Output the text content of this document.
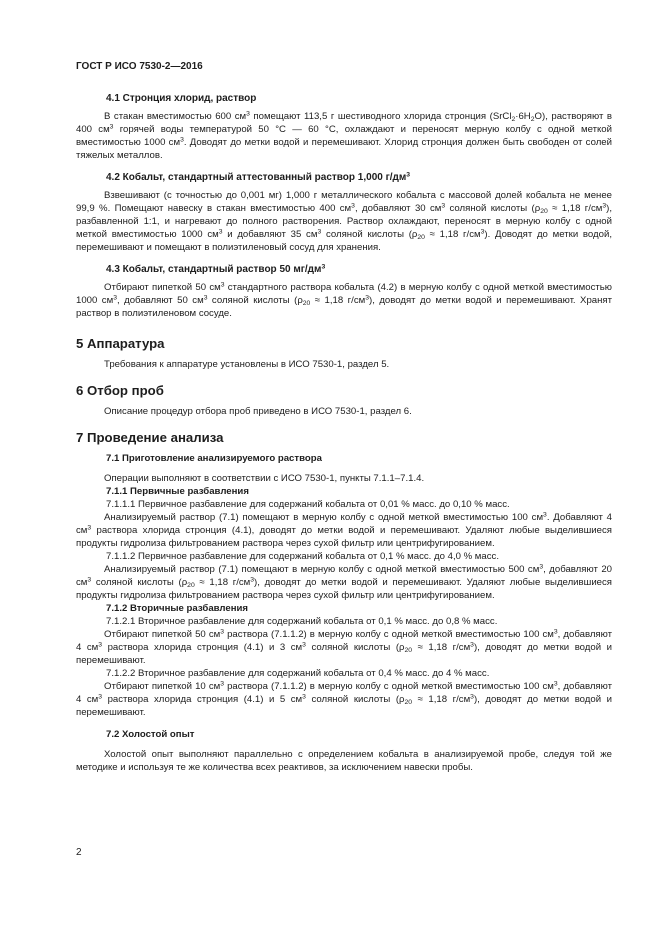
ГОСТ Р ИСО 7530-2—2016
4.1 Стронция хлорид, раствор

В стакан вместимостью 600 $см^3$ помещают 113,5 г шестиводного хлорида стронция $(SrCl_2\cdot 6H_2O)$, растворяют в 400 $см^3$ горячей воды температурой 50 °С — 60 °С, охлаждают и переносят мерную колбу с одной меткой вместимостью 1000 $см^3$. Доводят до метки водой и перемешивают. Хлорид стронция должен быть свободен от солей тяжелых металлов.

4.2 Кобальт, стандартный аттестованный раствор 1,000 $г/дм^3$

Взвешивают (с точностью до 0,001 мг) 1,000 г металлического кобальта с массовой долей кобальта не менее 99,9 %. Помещают навеску в стакан вместимостью 400 $см^3$, добавляют 30 $см^3$ соляной кислоты ($\rho_{20} \approx 1,18$ $г/см^3$), разбавленной 1:1, и нагревают до полного растворения. Раствор охлаждают, переносят в мерную колбу с одной меткой вместимостью 1000 $см^3$ и добавляют 35 $см^3$ соляной кислоты ($\rho_{20} \approx 1,18$ $г/см^3$). Доводят до метки водой, перемешивают и помещают в полиэтиленовый сосуд для хранения.

4.3 Кобальт, стандартный раствор 50 $мг/дм^3$

Отбирают пипеткой 50 $см^3$ стандартного раствора кобальта (4.2) в мерную колбу с одной меткой вместимостью 1000 $см^3$, добавляют 50 $см^3$ соляной кислоты ($\rho_{20} \approx 1,18$ $г/см^3$), доводят до метки водой и перемешивают. Хранят раствор в полиэтиленовом сосуде.

5 Аппаратура

Требования к аппаратуре установлены в ИСО 7530-1, раздел 5.

6 Отбор проб

Описание процедур отбора проб приведено в ИСО 7530-1, раздел 6.

7 Проведение анализа
7.1 Приготовление анализируемого раствора

Операции выполняют в соответствии с ИСО 7530-1, пункты 7.1.1–7.1.4.

7.1.1 Первичные разбавления

7.1.1.1 Первичное разбавление для содержаний кобальта от 0,01 % масс. до 0,10 % масс.

Анализируемый раствор (7.1) помещают в мерную колбу с одной меткой вместимостью 100 $см^3$. Добавляют 4 $см^3$ раствора хлорида стронция (4.1), доводят до метки водой и перемешивают. Удаляют любые выделившиеся продукты гидролиза фильтрованием раствора через сухой фильтр или центрифугированием.

7.1.1.2 Первичное разбавление для содержаний кобальта от 0,1 % масс. до 4,0 % масс.

Анализируемый раствор (7.1) помещают в мерную колбу с одной меткой вместимостью 500 $см^3$, добавляют 20 $см^3$ соляной кислоты ($\rho_{20} \approx 1,18$ $г/см^3$), доводят до метки водой и перемешивают. Удаляют любые выделившиеся продукты гидролиза фильтрованием раствора через сухой фильтр или центрифугированием.

7.1.2 Вторичные разбавления

7.1.2.1 Вторичное разбавление для содержаний кобальта от 0,1 % масс. до 0,8 % масс.

Отбирают пипеткой 50 $см^3$ раствора (7.1.1.2) в мерную колбу с одной меткой вместимостью 100 $см^3$, добавляют 4 $см^3$ раствора хлорида стронция (4.1) и 3 $см^3$ соляной кислоты ($\rho_{20} \approx 1,18$ $г/см^3$), доводят до метки водой и перемешивают.

7.1.2.2 Вторичное разбавление для содержаний кобальта от 0,4 % масс. до 4 % масс.

Отбирают пипеткой 10 $см^3$ раствора (7.1.1.2) в мерную колбу с одной меткой вместимостью 100 $см^3$, добавляют 4 $см^3$ раствора хлорида стронция (4.1) и 5 $см^3$ соляной кислоты ($\rho_{20} \approx 1,18$ $г/см^3$), доводят до метки водой и перемешивают.

7.2 Холостой опыт

Холостой опыт выполняют параллельно с определением кобальта в анализируемой пробе, следуя той же методике и используя те же количества всех реактивов, за исключением навески пробы.

2
